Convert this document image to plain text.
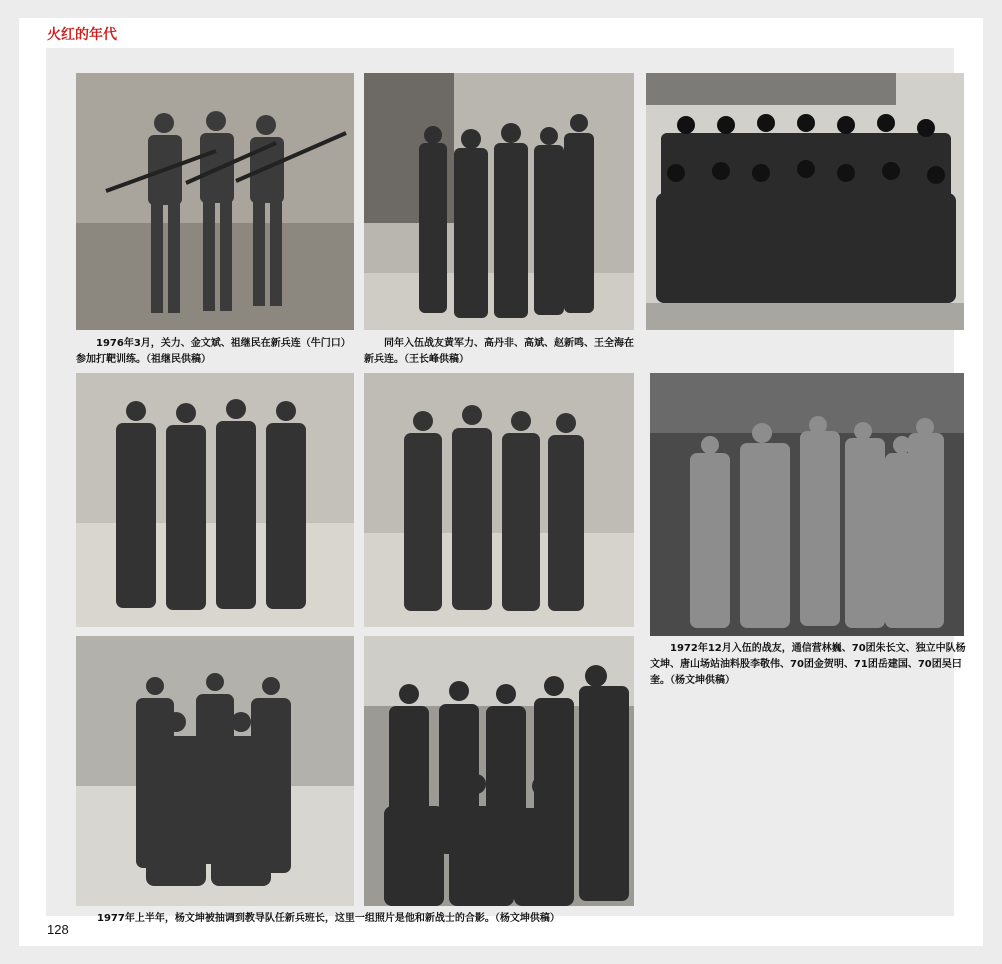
火红的年代
1976年3月，关力、金文斌、祖继民在新兵连（牛门口）参加打靶训练。（祖继民供稿）
同年入伍战友黄军力、高丹非、高斌、赵新鸣、王全海在新兵连。（王长峰供稿）
1972年12月入伍的战友，通信营林巍、70团朱长文、独立中队杨文坤、唐山场站油料股李敬伟、70团金贺明、71团岳建国、70团吴曰奎。（杨文坤供稿）
1977年上半年，杨文坤被抽调到教导队任新兵班长，这里一组照片是他和新战士的合影。（杨文坤供稿）
128
